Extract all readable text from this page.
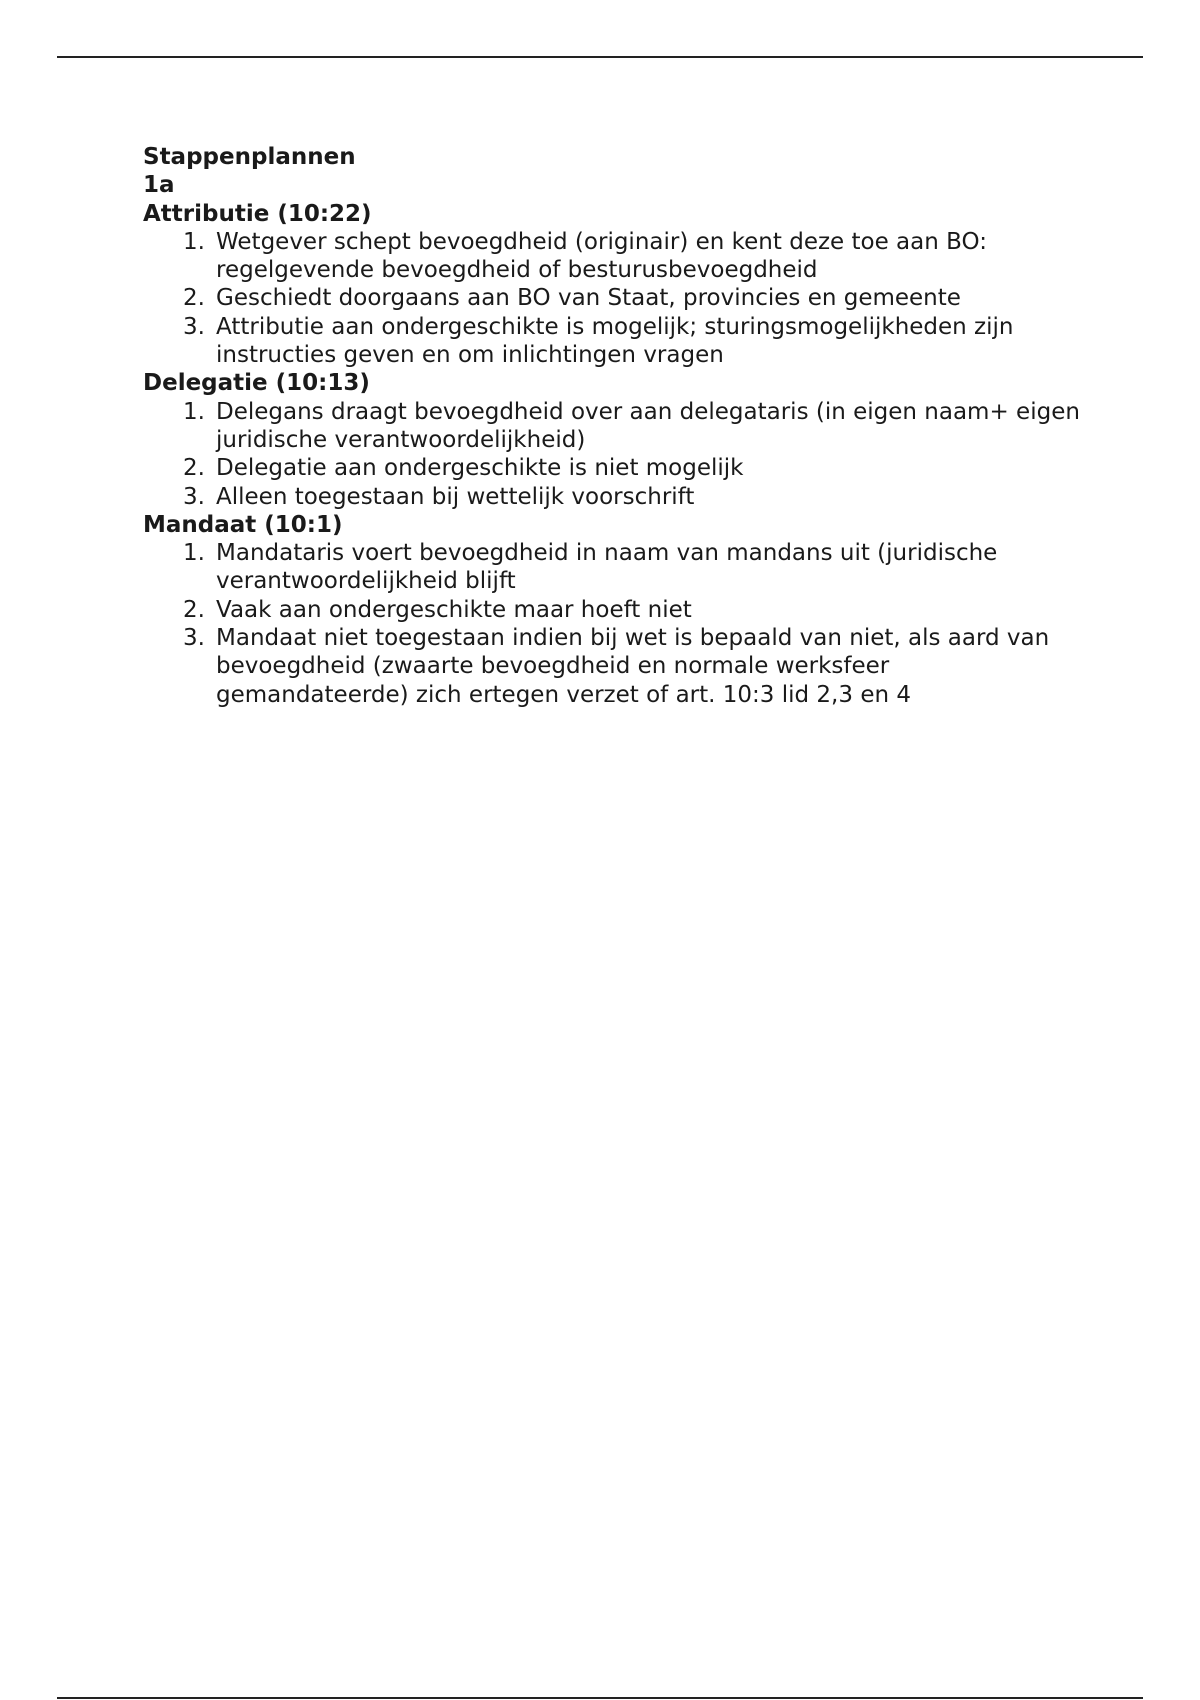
Stappenplannen
1a
Attributie (10:22)
1. Wetgever schept bevoegdheid (originair) en kent deze toe aan BO: regelgevende bevoegdheid of besturusbevoegdheid
2. Geschiedt doorgaans aan BO van Staat, provincies en gemeente
3. Attributie aan ondergeschikte is mogelijk; sturingsmogelijkheden zijn instructies geven en om inlichtingen vragen
Delegatie (10:13)
1. Delegans draagt bevoegdheid over aan delegataris (in eigen naam+ eigen juridische verantwoordelijkheid)
2. Delegatie aan ondergeschikte is niet mogelijk
3. Alleen toegestaan bij wettelijk voorschrift
Mandaat (10:1)
1. Mandataris voert bevoegdheid in naam van mandans uit (juridische verantwoordelijkheid blijft
2. Vaak aan ondergeschikte maar hoeft niet
3. Mandaat niet toegestaan indien bij wet is bepaald van niet, als aard van bevoegdheid (zwaarte bevoegdheid en normale werksfeer gemandateerde) zich ertegen verzet of art. 10:3 lid 2,3 en 4
